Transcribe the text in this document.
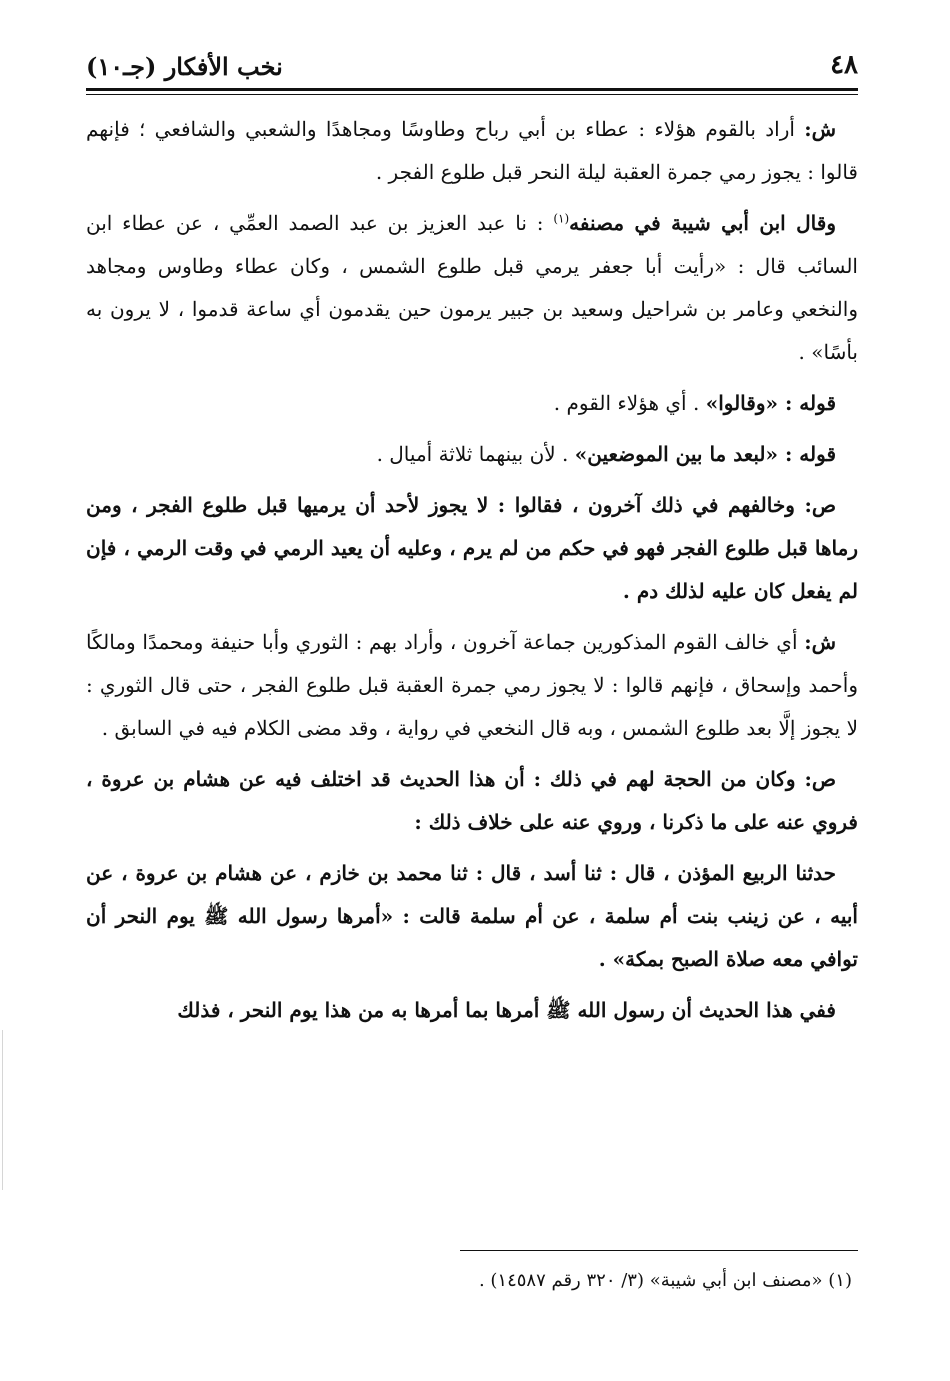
٤٨
نخب الأفكار (جـ١٠)

ش: أراد بالقوم هؤلاء : عطاء بن أبي رباح وطاوسًا ومجاهدًا والشعبي والشافعي ؛ فإنهم قالوا : يجوز رمي جمرة العقبة ليلة النحر قبل طلوع الفجر .

وقال ابن أبي شيبة في مصنفه$^{(١)}$ : نا عبد العزيز بن عبد الصمد العمِّي ، عن عطاء ابن السائب قال : «رأيت أبا جعفر يرمي قبل طلوع الشمس ، وكان عطاء وطاوس ومجاهد والنخعي وعامر بن شراحيل وسعيد بن جبير يرمون حين يقدمون أي ساعة قدموا ، لا يرون به بأسًا» .

قوله : «وقالوا» . أي هؤلاء القوم .

قوله : «لبعد ما بين الموضعين» . لأن بينهما ثلاثة أميال .

ص: وخالفهم في ذلك آخرون ، فقالوا : لا يجوز لأحد أن يرميها قبل طلوع الفجر ، ومن رماها قبل طلوع الفجر فهو في حكم من لم يرم ، وعليه أن يعيد الرمي في وقت الرمي ، فإن لم يفعل كان عليه لذلك دم .

ش: أي خالف القوم المذكورين جماعة آخرون ، وأراد بهم : الثوري وأبا حنيفة ومحمدًا ومالكًا وأحمد وإسحاق ، فإنهم قالوا : لا يجوز رمي جمرة العقبة قبل طلوع الفجر ، حتى قال الثوري : لا يجوز إلَّا بعد طلوع الشمس ، وبه قال النخعي في رواية ، وقد مضى الكلام فيه في السابق .

ص: وكان من الحجة لهم في ذلك : أن هذا الحديث قد اختلف فيه عن هشام بن عروة ، فروي عنه على ما ذكرنا ، وروي عنه على خلاف ذلك :

حدثنا الربيع المؤذن ، قال : ثنا أسد ، قال : ثنا محمد بن خازم ، عن هشام بن عروة ، عن أبيه ، عن زينب بنت أم سلمة ، عن أم سلمة قالت : «أمرها رسول الله ﷺ يوم النحر أن توافي معه صلاة الصبح بمكة» .

ففي هذا الحديث أن رسول الله ﷺ أمرها بما أمرها به من هذا يوم النحر ، فذلك

(١) «مصنف ابن أبي شيبة» (٣/ ٣٢٠ رقم ١٤٥٨٧) .
